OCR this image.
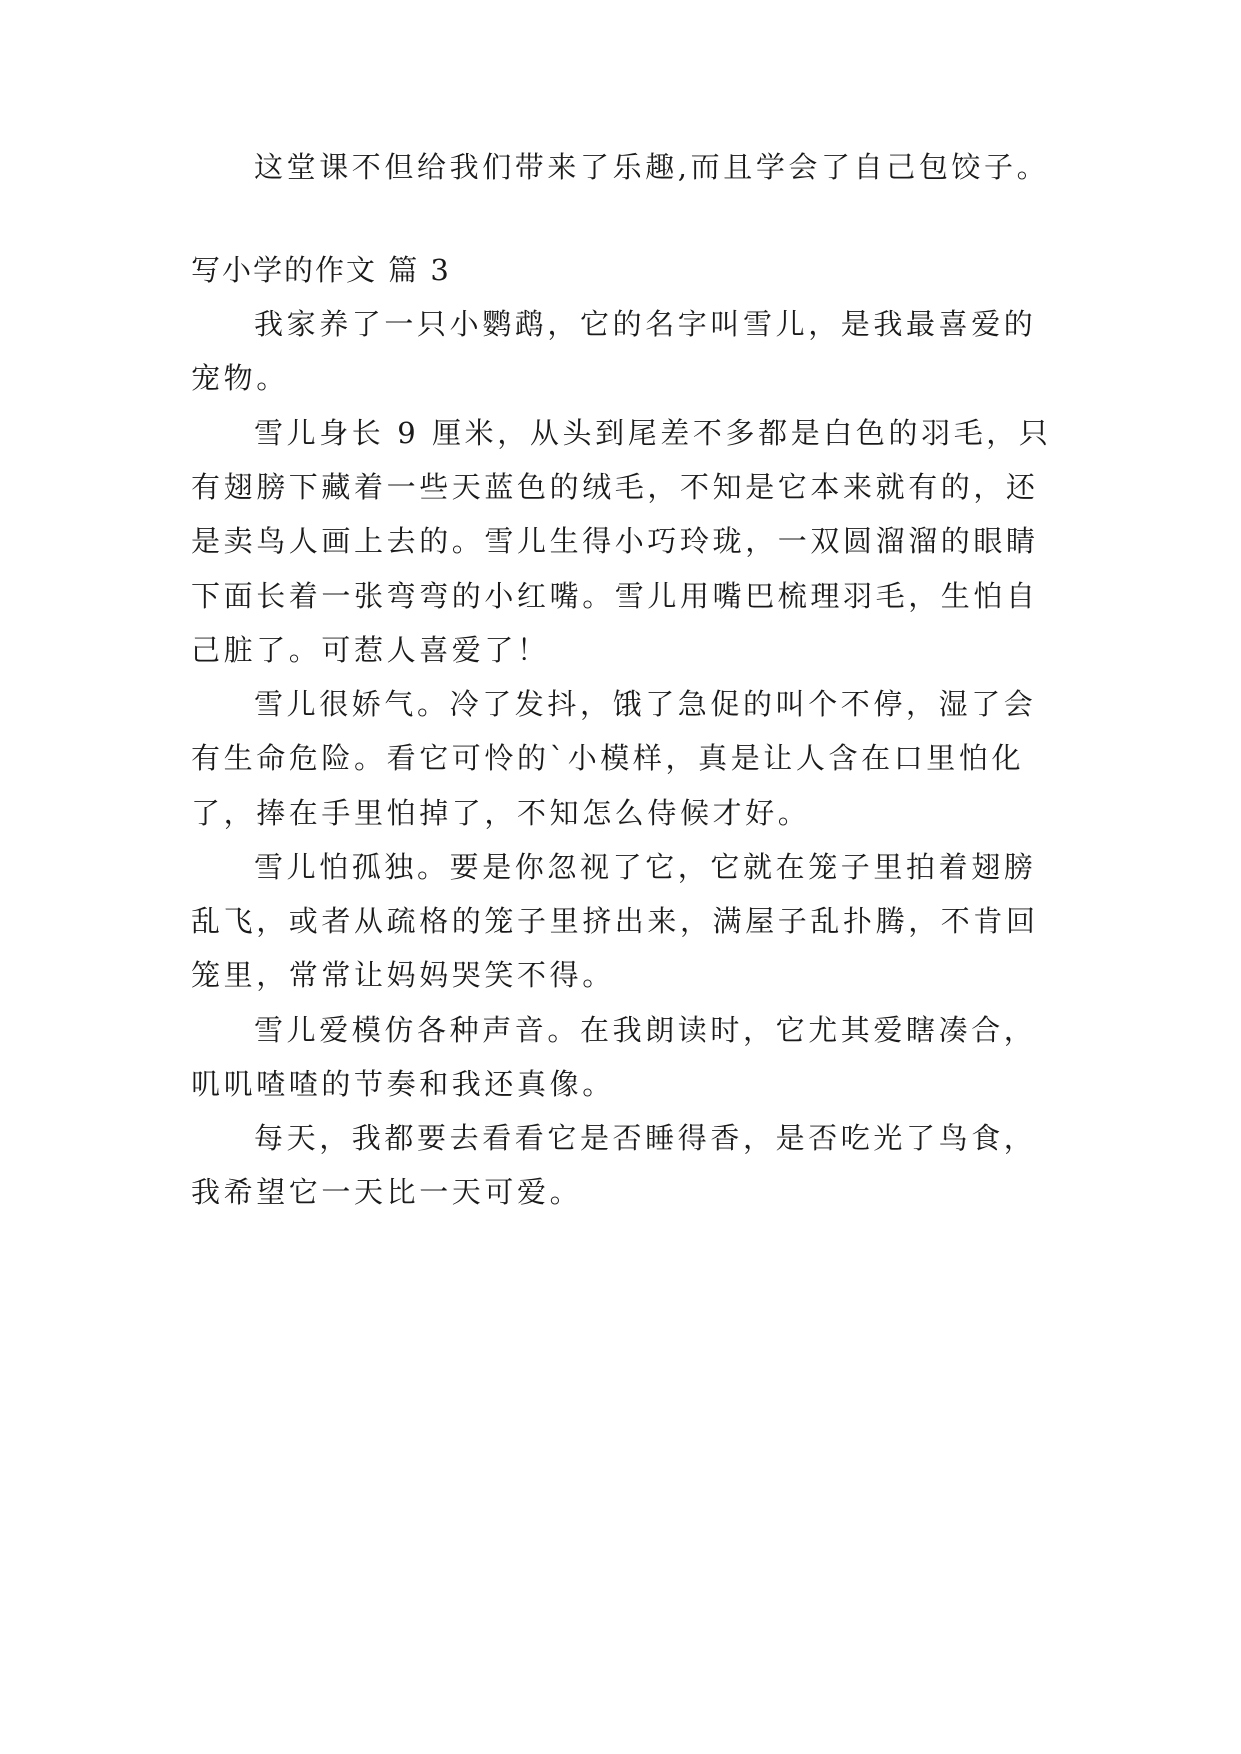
这堂课不但给我们带来了乐趣,而且学会了自己包饺子。
写小学的作文 篇 3
我家养了一只小鹦鹉，它的名字叫雪儿，是我最喜爱的
宠物。
雪儿身长 9 厘米，从头到尾差不多都是白色的羽毛，只
有翅膀下藏着一些天蓝色的绒毛，不知是它本来就有的，还
是卖鸟人画上去的。雪儿生得小巧玲珑，一双圆溜溜的眼睛
下面长着一张弯弯的小红嘴。雪儿用嘴巴梳理羽毛，生怕自
己脏了。可惹人喜爱了！
雪儿很娇气。冷了发抖，饿了急促的叫个不停，湿了会
有生命危险。看它可怜的`小模样，真是让人含在口里怕化
了，捧在手里怕掉了，不知怎么侍候才好。
雪儿怕孤独。要是你忽视了它，它就在笼子里拍着翅膀
乱飞，或者从疏格的笼子里挤出来，满屋子乱扑腾，不肯回
笼里，常常让妈妈哭笑不得。
雪儿爱模仿各种声音。在我朗读时，它尤其爱瞎凑合，
叽叽喳喳的节奏和我还真像。
每天，我都要去看看它是否睡得香，是否吃光了鸟食，
我希望它一天比一天可爱。
